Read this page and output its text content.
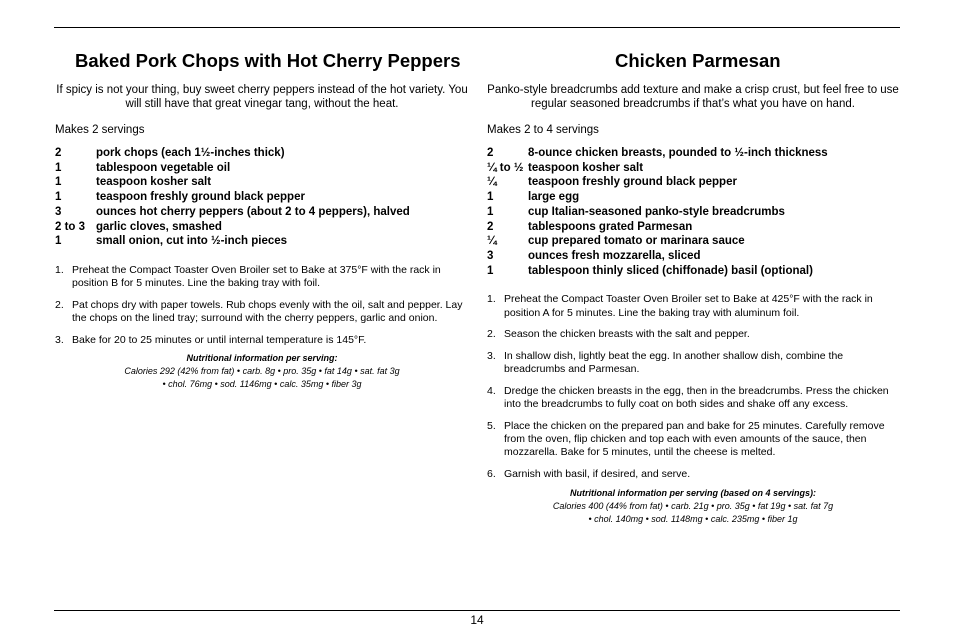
Baked Pork Chops with Hot Cherry Peppers

If spicy is not your thing, buy sweet cherry peppers instead of the hot variety. You will still have that great vinegar tang, without the heat.

Makes 2 servings
2	pork chops (each 1½-inches thick)
1	tablespoon vegetable oil
1	teaspoon kosher salt
1	teaspoon freshly ground black pepper
3	ounces hot cherry peppers (about 2 to 4 peppers), halved
2 to 3 garlic cloves, smashed
1	small onion, cut into ½-inch pieces
1. Preheat the Compact Toaster Oven Broiler set to Bake at 375°F with the rack in position B for 5 minutes. Line the baking tray with foil.
2. Pat chops dry with paper towels. Rub chops evenly with the oil, salt and pepper. Lay the chops on the lined tray; surround with the cherry peppers, garlic and onion.
3. Bake for 20 to 25 minutes or until internal temperature is 145°F.
Nutritional information per serving:
Calories 292 (42% from fat) • carb. 8g • pro. 35g • fat 14g • sat. fat 3g
• chol. 76mg • sod. 1146mg • calc. 35mg • fiber 3g
Chicken Parmesan

Panko-style breadcrumbs add texture and make a crisp crust, but feel free to use regular seasoned breadcrumbs if that’s what you have on hand.

Makes 2 to 4 servings
2	8-ounce chicken breasts, pounded to ½-inch thickness
¼ to ½ teaspoon kosher salt
¼	teaspoon freshly ground black pepper
1	large egg
1	cup Italian-seasoned panko-style breadcrumbs
2	tablespoons grated Parmesan
¼	cup prepared tomato or marinara sauce
3	ounces fresh mozzarella, sliced
1	tablespoon thinly sliced (chiffonade) basil (optional)
1. Preheat the Compact Toaster Oven Broiler set to Bake at 425°F with the rack in position A for 5 minutes. Line the baking tray with aluminum foil.
2. Season the chicken breasts with the salt and pepper.
3. In shallow dish, lightly beat the egg. In another shallow dish, combine the breadcrumbs and Parmesan.
4. Dredge the chicken breasts in the egg, then in the breadcrumbs. Press the chicken into the breadcrumbs to fully coat on both sides and shake off any excess.
5. Place the chicken on the prepared pan and bake for 25 minutes. Carefully remove from the oven, flip chicken and top each with even amounts of the sauce, then mozzarella. Bake for 5 minutes, until the cheese is melted.
6. Garnish with basil, if desired, and serve.
Nutritional information per serving (based on 4 servings):
Calories 400 (44% from fat) • carb. 21g • pro. 35g • fat 19g • sat. fat 7g
• chol. 140mg • sod. 1148mg • calc. 235mg • fiber 1g
14
